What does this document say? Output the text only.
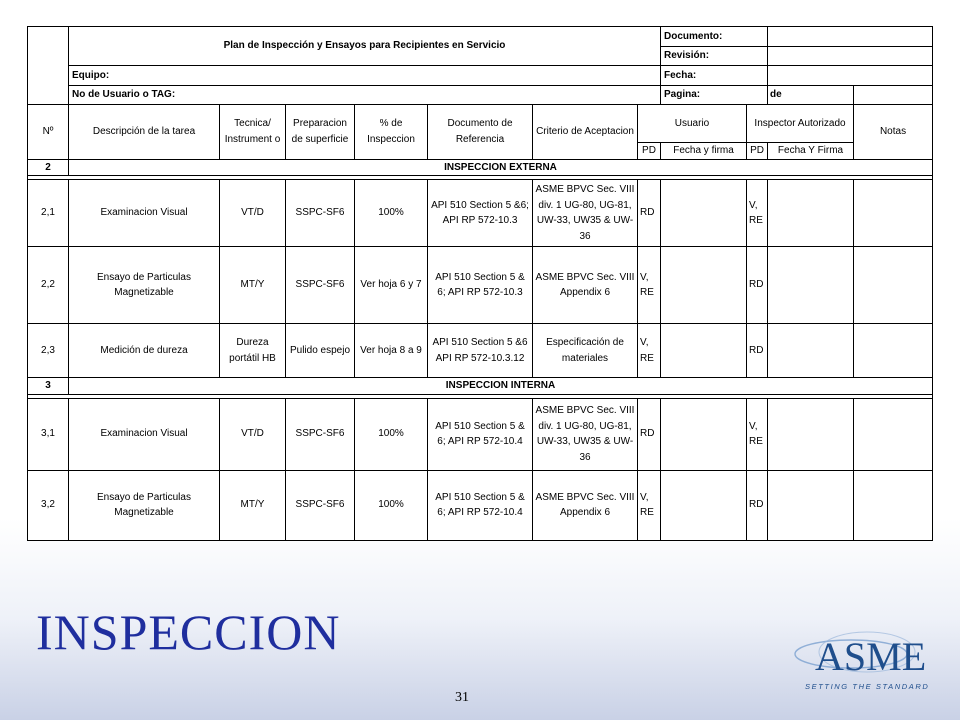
	Plan de Inspección y Ensayos para Recipientes en Servicio							Documento:			
								Revisión:			
	Equipo:							Fecha:			
	No de Usuario o TAG:							Pagina:		de	
Nº	Descripción de la tarea	Tecnica/ Instrument o	Preparacion de superficie	% de Inspeccion	Documento de Referencia	Criterio de Aceptacion	Usuario		Inspector Autorizado		Notas
							PD	Fecha y firma	PD	Fecha Y Firma	
2	INSPECCION EXTERNA										

2,1	Examinacion Visual	VT/D	SSPC-SF6	100%	API 510 Section 5 &6; API RP 572-10.3	ASME BPVC Sec. VIII div. 1 UG-80, UG-81, UW-33, UW35 & UW-36	RD		V, RE		
2,2	Ensayo de Particulas Magnetizable	MT/Y	SSPC-SF6	Ver hoja 6 y 7	API 510 Section 5 & 6; API RP 572-10.3	ASME BPVC Sec. VIII Appendix 6	V, RE		RD		
2,3	Medición de dureza	Dureza portátil HB	Pulido espejo	Ver hoja 8 a 9	API 510 Section 5 &6 API RP 572-10.3.12	Especificación de materiales	V, RE		RD		
3	INSPECCION INTERNA										

3,1	Examinacion Visual	VT/D	SSPC-SF6	100%	API 510 Section 5 & 6; API RP 572-10.4	ASME BPVC Sec. VIII div. 1 UG-80, UG-81, UW-33, UW35 & UW-36	RD		V, RE		
3,2	Ensayo de Particulas Magnetizable	MT/Y	SSPC-SF6	100%	API 510 Section 5 & 6; API RP 572-10.4	ASME BPVC Sec. VIII Appendix 6	V, RE		RD		
INSPECCION
31
ASME
SETTING THE STANDARD
